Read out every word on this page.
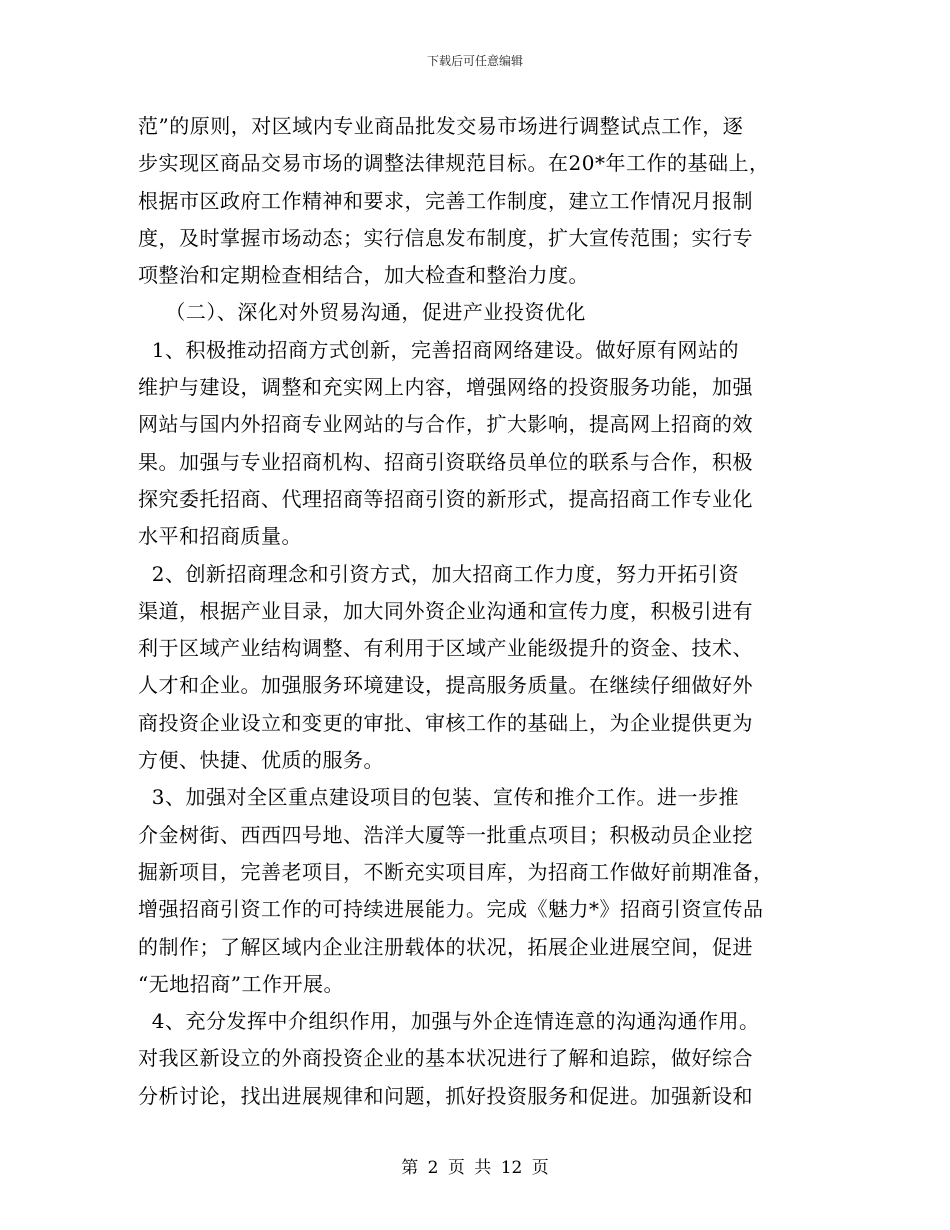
下载后可任意编辑
范”的原则，对区域内专业商品批发交易市场进行调整试点工作，逐
步实现区商品交易市场的调整法律规范目标。在20*年工作的基础上，
根据市区政府工作精神和要求，完善工作制度，建立工作情况月报制
度，及时掌握市场动态；实行信息发布制度，扩大宣传范围；实行专
项整治和定期检查相结合，加大检查和整治力度。
（二）、深化对外贸易沟通，促进产业投资优化
1、积极推动招商方式创新，完善招商网络建设。做好原有网站的
维护与建设，调整和充实网上内容，增强网络的投资服务功能，加强
网站与国内外招商专业网站的与合作，扩大影响，提高网上招商的效
果。加强与专业招商机构、招商引资联络员单位的联系与合作，积极
探究委托招商、代理招商等招商引资的新形式，提高招商工作专业化
水平和招商质量。
2、创新招商理念和引资方式，加大招商工作力度，努力开拓引资
渠道，根据产业目录，加大同外资企业沟通和宣传力度，积极引进有
利于区域产业结构调整、有利用于区域产业能级提升的资金、技术、
人才和企业。加强服务环境建设，提高服务质量。在继续仔细做好外
商投资企业设立和变更的审批、审核工作的基础上，为企业提供更为
方便、快捷、优质的服务。
3、加强对全区重点建设项目的包装、宣传和推介工作。进一步推
介金树街、西西四号地、浩洋大厦等一批重点项目；积极动员企业挖
掘新项目，完善老项目，不断充实项目库，为招商工作做好前期准备，
增强招商引资工作的可持续进展能力。完成《魅力*》招商引资宣传品
的制作；了解区域内企业注册载体的状况，拓展企业进展空间，促进
“无地招商”工作开展。
4、充分发挥中介组织作用，加强与外企连情连意的沟通沟通作用。
对我区新设立的外商投资企业的基本状况进行了解和追踪，做好综合
分析讨论，找出进展规律和问题，抓好投资服务和促进。加强新设和
第 2 页 共 12 页
